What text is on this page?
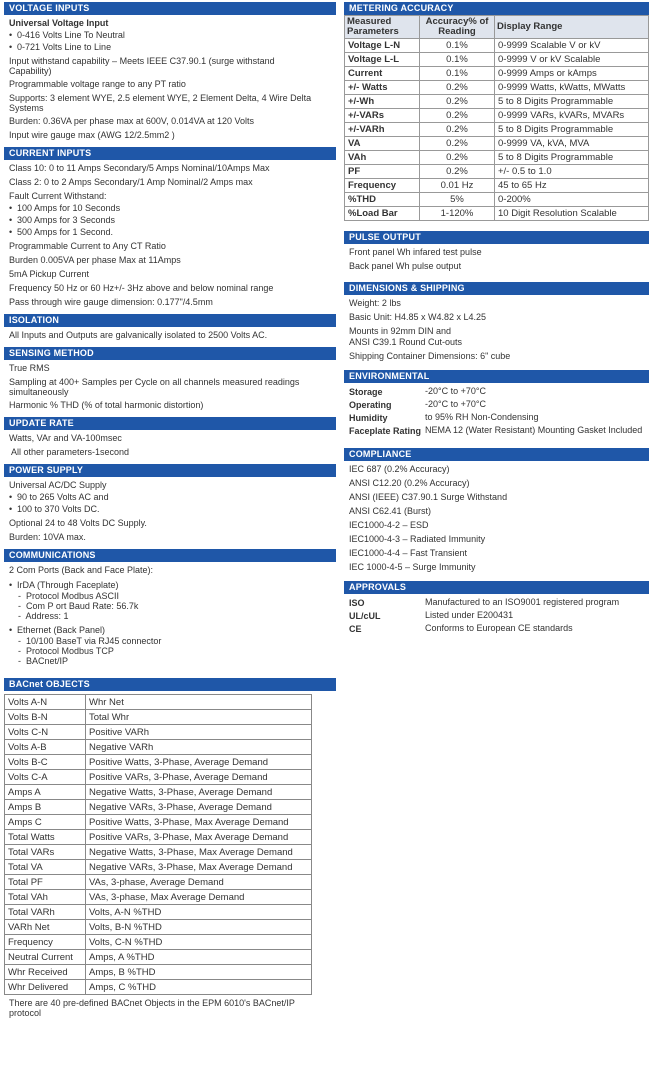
VOLTAGE INPUTS
Universal Voltage Input
• 0-416 Volts Line To Neutral
• 0-721 Volts Line to Line
Input withstand capability – Meets IEEE C37.90.1 (surge withstand Capability)
Programmable voltage range to any PT ratio
Supports: 3 element WYE, 2.5 element WYE, 2 Element Delta, 4 Wire Delta Systems
Burden: 0.36VA per phase max at 600V, 0.014VA at 120 Volts
Input wire gauge max (AWG 12/2.5mm2 )
CURRENT INPUTS
Class 10: 0 to 11 Amps Secondary/5 Amps Nominal/10Amps Max
Class 2: 0 to 2 Amps Secondary/1 Amp Nominal/2 Amps max
Fault Current Withstand:
• 100 Amps for 10 Seconds
• 300 Amps for 3 Seconds
• 500 Amps for 1 Second.
Programmable Current to Any CT Ratio
Burden 0.005VA per phase Max at 11Amps
5mA Pickup Current
Frequency 50 Hz or 60 Hz+/- 3Hz above and below nominal range
Pass through wire gauge dimension: 0.177"/4.5mm
ISOLATION
All Inputs and Outputs are galvanically isolated to 2500 Volts AC.
SENSING METHOD
True RMS
Sampling at 400+ Samples per Cycle on all channels measured readings simultaneously
Harmonic % THD (% of total harmonic distortion)
UPDATE RATE
Watts, VAr and VA-100msec
All other parameters-1second
POWER SUPPLY
Universal AC/DC Supply
• 90 to 265 Volts AC and
• 100 to 370 Volts DC.
Optional 24 to 48 Volts DC Supply.
Burden: 10VA max.
COMMUNICATIONS
2 Com Ports (Back and Face Plate):
• IrDA (Through Faceplate)
-  Protocol Modbus ASCII
-  Com P ort Baud Rate: 56.7k
-  Address: 1
• Ethernet (Back Panel)
-  10/100 BaseT via RJ45 connector
-  Protocol Modbus TCP
-  BACnet/IP
BACnet OBJECTS
Volts A-N	Whr Net
Volts B-N	Total Whr
Volts C-N	Positive VARh
Volts A-B	Negative VARh
Volts B-C	Positive Watts, 3-Phase, Average Demand
Volts C-A	Positive VARs, 3-Phase, Average Demand
Amps A	Negative Watts, 3-Phase, Average Demand
Amps B	Negative VARs, 3-Phase, Average Demand
Amps C	Positive Watts, 3-Phase, Max Average Demand
Total Watts	Positive VARs, 3-Phase, Max Average Demand
Total VARs	Negative Watts, 3-Phase, Max Average Demand
Total VA	Negative VARs, 3-Phase, Max Average Demand
Total PF	VAs, 3-phase, Average Demand
Total VAh	VAs, 3-phase, Max Average Demand
Total VARh	Volts, A-N %THD
VARh Net	Volts, B-N %THD
Frequency	Volts, C-N %THD
Neutral Current	Amps, A %THD
Whr Received	Amps, B %THD
Whr Delivered	Amps, C %THD
There are 40 pre-defined BACnet Objects in the EPM 6010's BACnet/IP protocol
METERING ACCURACY
Measured Parameters	Accuracy% of Reading	Display Range
Voltage L-N	0.1%	0-9999 Scalable V or kV
Voltage L-L	0.1%	0-9999 V or kV Scalable
Current	0.1%	0-9999 Amps or kAmps
+/- Watts	0.2%	0-9999 Watts, kWatts, MWatts
+/-Wh	0.2%	5 to 8 Digits Programmable
+/-VARs	0.2%	0-9999 VARs, kVARs, MVARs
+/-VARh	0.2%	5 to 8 Digits Programmable
VA	0.2%	0-9999 VA, kVA, MVA
VAh	0.2%	5 to 8 Digits Programmable
PF	0.2%	+/- 0.5 to 1.0
Frequency	0.01 Hz	45 to 65 Hz
%THD	5%	0-200%
%Load Bar	1-120%	10 Digit Resolution Scalable
PULSE OUTPUT
Front panel Wh infared test pulse
Back panel Wh pulse output
DIMENSIONS & SHIPPING
Weight: 2 lbs
Basic Unit: H4.85 x W4.82 x L4.25
Mounts in 92mm DIN and
ANSI C39.1 Round Cut-outs
Shipping Container Dimensions: 6" cube
ENVIRONMENTAL
Storage	-20°C to +70°C
Operating	-20°C to +70°C
Humidity	to 95% RH Non-Condensing
Faceplate Rating NEMA 12 (Water Resistant) Mounting Gasket Included
COMPLIANCE
IEC 687 (0.2% Accuracy)
ANSI C12.20 (0.2% Accuracy)
ANSI (IEEE) C37.90.1 Surge Withstand
ANSI C62.41 (Burst)
IEC1000-4-2 – ESD
IEC1000-4-3 – Radiated Immunity
IEC1000-4-4 – Fast Transient
IEC 1000-4-5 – Surge Immunity
APPROVALS
ISO	Manufactured to an ISO9001 registered program
UL/cUL	Listed under E200431
CE	Conforms to European CE standards
